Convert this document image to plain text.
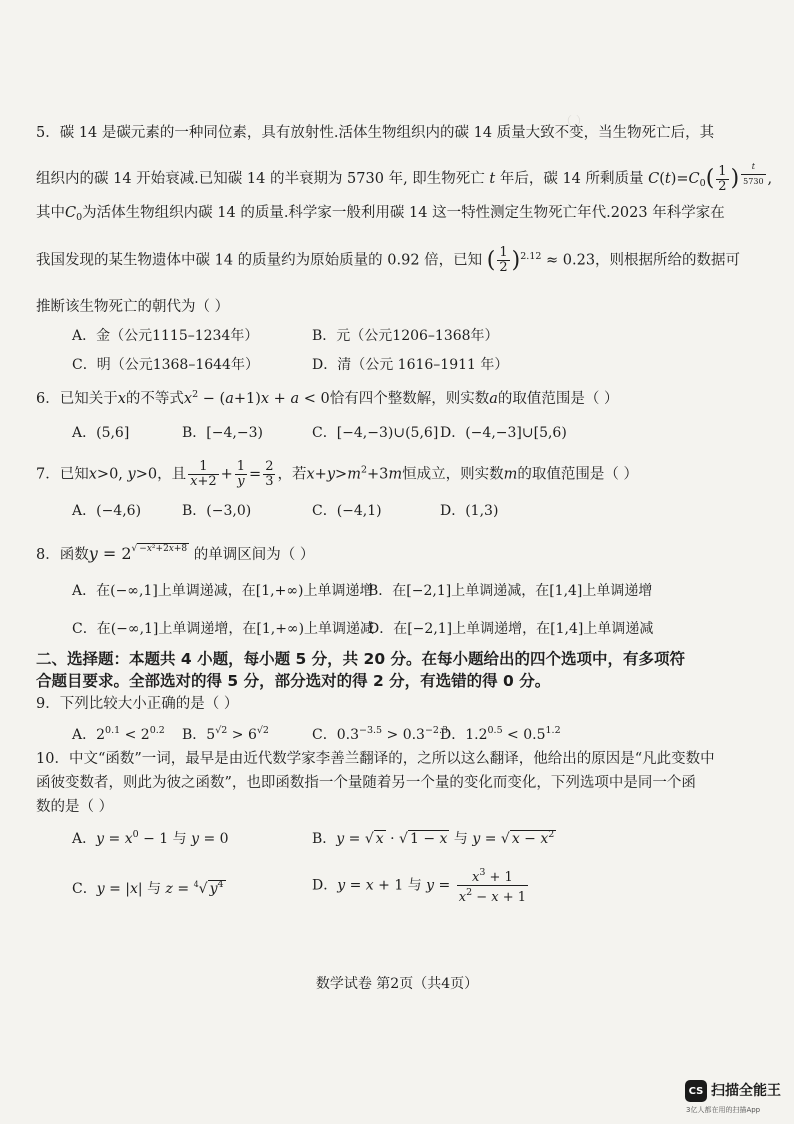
（ ）
5．碳 14 是碳元素的一种同位素，具有放射性.活体生物组织内的碳 14 质量大致不变，当生物死亡后，其
组织内的碳 14 开始衰减.已知碳 14 的半衰期为 5730 年, 即生物死亡 t 年后，碳 14 所剩质量 $C(t)=C_0( \frac{1}{2}$ ) $^{\frac{t}{5730}}$ ,
其中$C_0$为活体生物组织内碳 14 的质量.科学家一般利用碳 14 这一特性测定生物死亡年代.2023 年科学家在
我国发现的某生物遗体中碳 14 的质量约为原始质量的 0.92 倍，已知 ( $\frac{1}{2} )^{2.12} \approx 0.23$，则根据所给的数据可
推断该生物死亡的朝代为（ ）
A．金（公元1115–1234年）	B．元（公元1206–1368年）
C．明（公元1368–1644年）	D．清（公元 1616–1911 年）
6．已知关于x的不等式$x^2 - (a+1)x + a < 0$恰有四个整数解，则实数a的取值范围是（ ）
A．(5,6]	B．[−4,−3)	C．[−4,−3)∪(5,6] D．(−4,−3]∪[5,6)
7．已知x>0, y>0，且 $\frac{1}{x+2} + \frac{1}{y} = \frac{2}{3}$ ，若$x+y>m^2+3m$恒成立，则实数m的取值范围是（ ）
A．(−4,6)	B．(−3,0)	C．(−4,1)	D．(1,3)
8．函数$y = 2^{√ -x^2+2x+8}$ 的单调区间为（ ）
A．在(−∞,1]上单调递减，在[1,+∞)上单调递增
B．在[−2,1]上单调递减，在[1,4]上单调递增
C．在(−∞,1]上单调递增，在[1,+∞)上单调递减
D．在[−2,1]上单调递增，在[1,4]上单调递减
二、选择题：本题共 4 小题，每小题 5 分，共 20 分。在每小题给出的四个选项中，有多项符
合题目要求。全部选对的得 5 分，部分选对的得 2 分，有选错的得 0 分。
9．下列比较大小正确的是（ ）
A．$2^{0.1} < 2^{0.2}$ B．$5^{√2} > 6^{√2}$	C．$0.3^{-3.5} > 0.3^{-2.3}$
D．$1.2^{0.5} < 0.5^{1.2}$
10．中文“函数”一词，最早是由近代数学家李善兰翻译的，之所以这么翻译，他给出的原因是“凡此变数中
函彼变数者，则此为彼之函数”，也即函数指一个量随着另一个量的变化而变化，下列选项中是同一个函
数的是（ ）
A．$y = x^0 - 1$ 与 y = 0	B．y = √ x · √ 1 − x 与 y = √ $x - x^2$
C．y = |x| 与 z = $^4$√ $y^4$	D．y = x + 1 与 $y = \frac{x^3 + 1}{x^2 - x + 1}$
数学试卷 第2页（共4页）
CS 扫描全能王
3亿人都在用的扫描App
